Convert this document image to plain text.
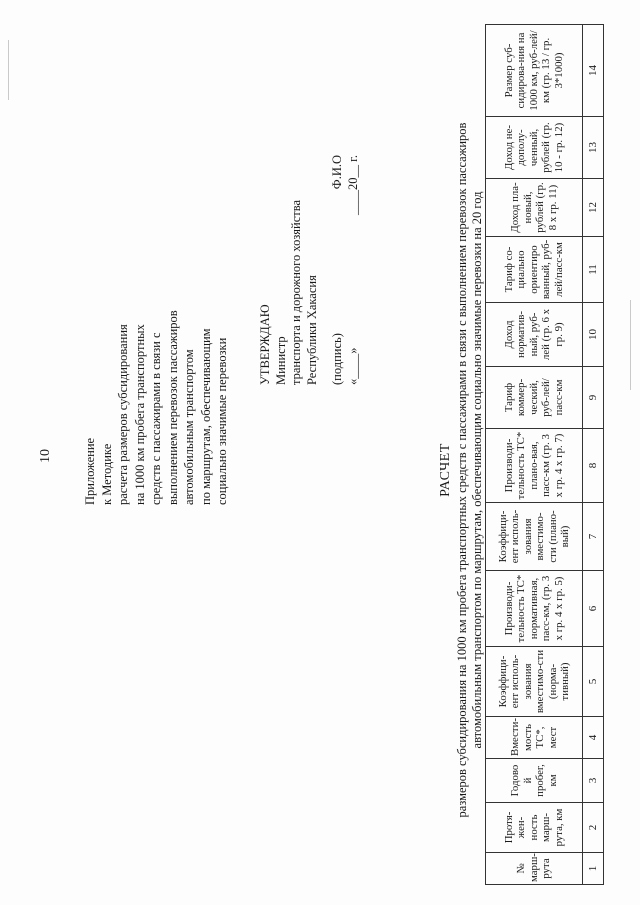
10 Приложение к Методике расчета размеров субсидирования на 1000 км пробега транспортных средств с пассажирами в связи с выполнением перевозок пассажиров автомобильным транспортом по маршрутам, обеспечивающим социально значимые перевозки УТВЕРЖДАЮ Министр транспорта и дорожного хозяйства Республики Хакасия (подпись)
Ф.И.О
«____»
____20__ г.
РАСЧЕТ размеров субсидирования на 1000 км пробега транспортных средств с пассажирами в связи с выполнением перевозок пассажиров автомобильным транспортом по маршрутам, обеспечивающим социально значимые перевозки на 20 год
№ марш-рута	Протя-жен-ность марш-рута, км	Годово й пробег, км	Вмести-мость ТС*, мест	Коэффици-ент исполь-зования вместимо-сти (норма-тивный)	Производи-тельность ТС* нормативная, пасс-км, (гр. 3 х гр. 4 х гр. 5)	Коэффици-ент исполь-зования вместимо-сти (плано-вый)	Производи-тельность ТС* плано-вая, пасс-км (гр. 3 х гр. 4 х гр. 7)	Тариф коммер-ческий, руб-лей/пасс-км	Доход норматив-ный, руб-лей (гр. 6 х гр. 9)	Тариф со-циально ориентиро ванный, руб-лей/пасс-км	Доход пла-новый, рублей (гр. 8 х гр. 11)	Доход не-дополу-ченный, рублей (гр. 10 - гр. 12)	Размер суб-сидирова-ния на 1000 км, руб-лей/км (гр. 13 / гр. 3*1000)
1	2	3	4	5	6	7	8	9	10	11	12	13	14
